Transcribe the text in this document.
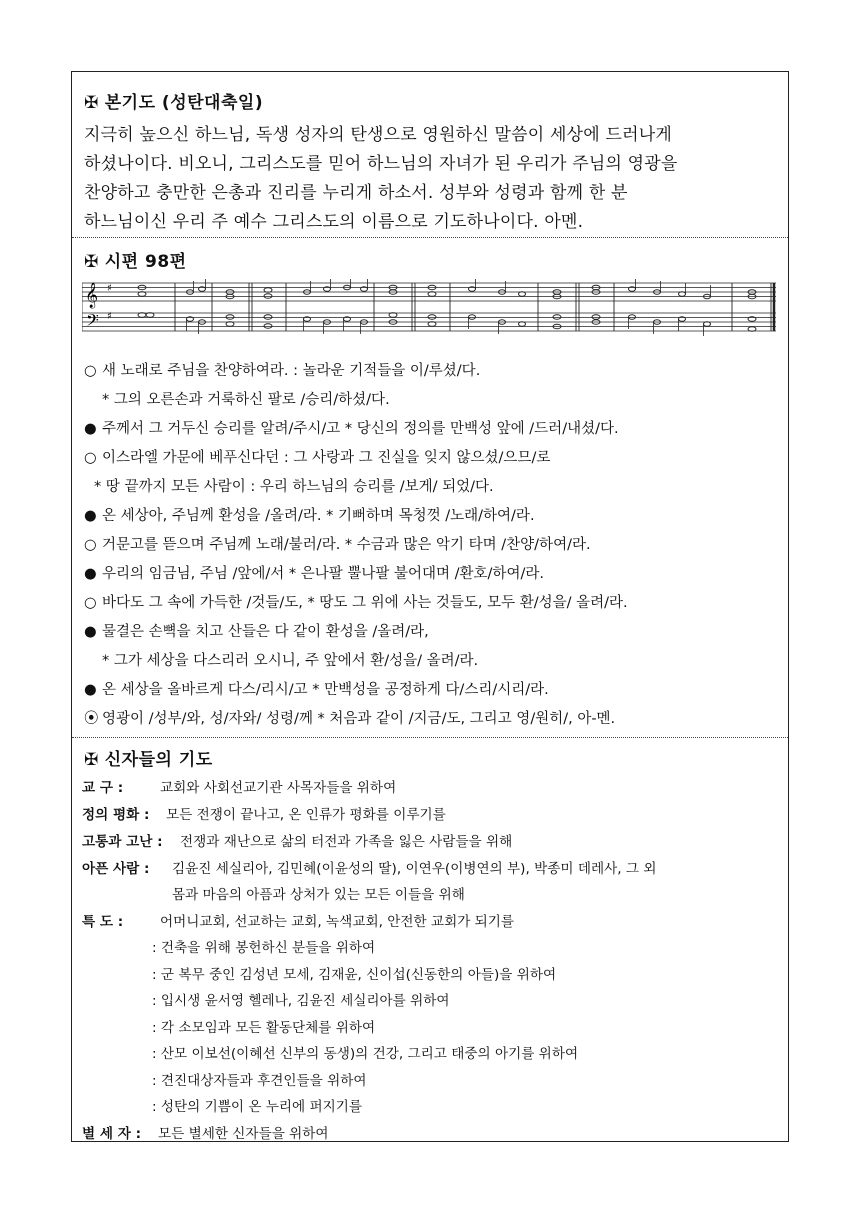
✠ 본기도 (성탄대축일)
지극히 높으신 하느님, 독생 성자의 탄생으로 영원하신 말씀이 세상에 드러나게
하셨나이다. 비오니, 그리스도를 믿어 하느님의 자녀가 된 우리가 주님의 영광을
찬양하고 충만한 은총과 진리를 누리게 하소서. 성부와 성령과 함께 한 분
하느님이신 우리 주 예수 그리스도의 이름으로 기도하나이다. 아멘.
✠ 시편 98편
𝄞
𝄢
♯
♯
○ 새 노래로 주님을 찬양하여라. : 놀라운 기적들을 이/루셨/다.
* 그의 오른손과 거룩하신 팔로 /승리/하셨/다.
● 주께서 그 거두신 승리를 알려/주시/고 * 당신의 정의를 만백성 앞에 /드러/내셨/다.
○ 이스라엘 가문에 베푸신다던 : 그 사랑과 그 진실을 잊지 않으셨/으므/로
* 땅 끝까지 모든 사람이 : 우리 하느님의 승리를 /보게/ 되었/다.
● 온 세상아, 주님께 환성을 /올려/라. * 기뻐하며 목청껏 /노래/하여/라.
○ 거문고를 뜯으며 주님께 노래/불러/라. * 수금과 많은 악기 타며 /찬양/하여/라.
● 우리의 임금님, 주님 /앞에/서 * 은나팔 뿔나팔 불어대며 /환호/하여/라.
○ 바다도 그 속에 가득한 /것들/도, * 땅도 그 위에 사는 것들도, 모두 환/성을/ 올려/라.
● 물결은 손뼉을 치고 산들은 다 같이 환성을 /올려/라,
* 그가 세상을 다스리러 오시니, 주 앞에서 환/성을/ 올려/라.
● 온 세상을 올바르게 다스/리시/고 * 만백성을 공정하게 다/스리/시리/라.
⦿ 영광이 /성부/와, 성/자와/ 성령/께 * 처음과 같이 /지금/도, 그리고 영/원히/, 아-멘.
✠ 신자들의 기도
교 구 :	교회와 사회선교기관 사목자들을 위하여
정의 평화 : 모든 전쟁이 끝나고, 온 인류가 평화를 이루기를
고통과 고난 : 전쟁과 재난으로 삶의 터전과 가족을 잃은 사람들을 위해
아픈 사람 : 김윤진 세실리아, 김민혜(이윤성의 딸), 이연우(이병연의 부), 박종미 데레사, 그 외
몸과 마음의 아픔과 상처가 있는 모든 이들을 위해
특 도 :	어머니교회, 선교하는 교회, 녹색교회, 안전한 교회가 되기를
: 건축을 위해 봉헌하신 분들을 위하여
: 군 복무 중인 김성년 모세, 김재윤, 신이섭(신동한의 아들)을 위하여
: 입시생 윤서영 헬레나, 김윤진 세실리아를 위하여
: 각 소모임과 모든 활동단체를 위하여
: 산모 이보선(이혜선 신부의 동생)의 건강, 그리고 태중의 아기를 위하여
: 견진대상자들과 후견인들을 위하여
: 성탄의 기쁨이 온 누리에 퍼지기를
별 세 자 : 모든 별세한 신자들을 위하여
